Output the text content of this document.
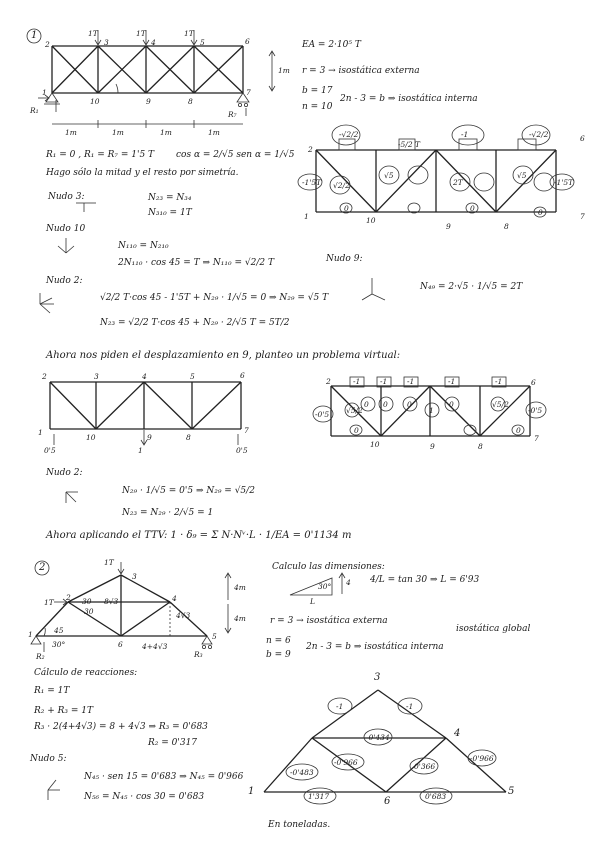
1	1T
3
1T
4
1T
5	6
2
1
10	9	8
7
R₁	R₇
1m	1m	1m	1m
1m
EA = 2·10⁵ T
r = 3 → isostática externa
b = 17
n = 10
2n - 3 = b ⇒ isostática interna
R₁ = 0 , R₁ = R₇ = 1'5 T cos α = 2/√5 sen α = 1/√5
Hago sólo la mitad y el resto por simetría.
Nudo 3:	N₂₃ = N₃₄
N₃₁₀ = 1T
Nudo 10
N₁₁₀ = N₂₁₀
2N₁₁₀ · cos 45 = T ⇒ N₁₁₀ = √2/2 T
Nudo 2:
√2/2 T·cos 45 - 1'5T + N₂₉ · 1/√5 = 0 ⇒ N₂₉ = √5 T
N₂₃ = √2/2 T·cos 45 + N₂₉ · 2/√5 T = 5T/2
Nudo 9:
N₄₉ = 2·√5 · 1/√5 = 2T
-√2/2
-5/2 T
-1	-√2/2
-1'5T	-1'5T
√2/2
√5
2T
√5
0	0	0
2
1	10
9	8
7
6
Ahora nos piden el desplazamiento en 9, planteo un problema virtual:
2	3	4	5	6
1
10	9	8
7
1
0'5	0'5
-1	-1	-1	-1	-1
-0'5	-0'5
√5/2
√5/2
0 0	0	0
0
1
0
2
10	9	8
7
6
Nudo 2:
N₂₉ · 1/√5 = 0'5 ⇒ N₂₉ = √5/2
N₂₃ = N₂₉ · 2/√5 = 1
Ahora aplicando el TTV: 1 · δ₉ = Σ N·Nᵛ·L · 1/EA = 0'1134 m
2	1T
1T
1
2
3
4
5
6
30
30
45
30°
8√3
4√3
4+4√3
4m
4m
R₂	R₃
Calculo las dimensiones:
30° 4
L
4/L = tan 30 ⇒ L = 6'93
r = 3 → isostática externa
n = 6
b = 9
2n - 3 = b ⇒ isostática interna
isostática global
Cálculo de reacciones:
R₁ = 1T
R₂ + R₃ = 1T
R₃ · 2(4+4√3) = 8 + 4√3 ⇒ R₃ = 0'683
R₂ = 0'317
Nudo 5:
N₄₅ · sen 15 = 0'683 ⇒ N₄₅ = 0'966
N₅₆ = N₄₅ · cos 30 = 0'683
3
4
1	5
6
-1	-1
-0'434
-0'966
-0'483
0'366
-0'966
1'317	0'683
En toneladas.
